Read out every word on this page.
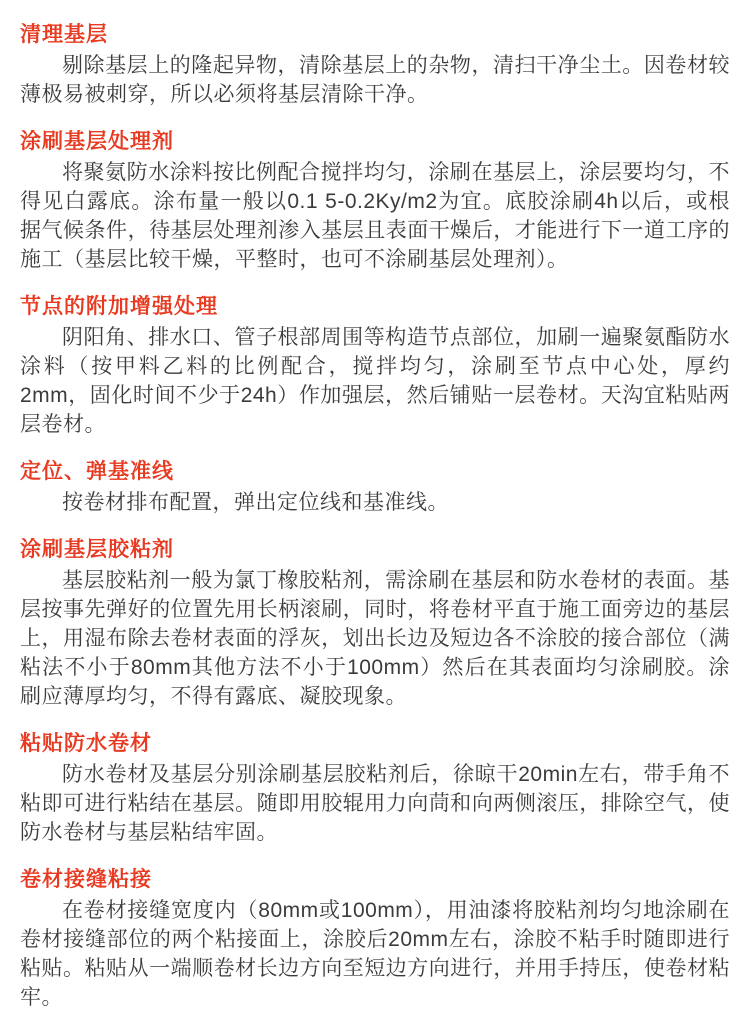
清理基层

剔除基层上的隆起异物，清除基层上的杂物，清扫干净尘土。因卷材较薄极易被刺穿，所以必须将基层清除干净。

涂刷基层处理剂

将聚氨防水涂料按比例配合搅拌均匀，涂刷在基层上，涂层要均匀，不得见白露底。涂布量一般以0.1 5-0.2Ky/m2为宜。底胶涂刷4h以后，或根据气候条件，待基层处理剂渗入基层且表面干燥后，才能进行下一道工序的施工（基层比较干燥，平整时，也可不涂刷基层处理剂）。

节点的附加增强处理

阴阳角、排水口、管子根部周围等构造节点部位，加刷一遍聚氨酯防水涂料（按甲料乙料的比例配合，搅拌均匀，涂刷至节点中心处，厚约2mm，固化时间不少于24h）作加强层，然后铺贴一层卷材。天沟宜粘贴两层卷材。

定位、弹基准线

按卷材排布配置，弹出定位线和基准线。

涂刷基层胶粘剂

基层胶粘剂一般为氯丁橡胶粘剂，需涂刷在基层和防水卷材的表面。基层按事先弹好的位置先用长柄滚刷，同时，将卷材平直于施工面旁边的基层上，用湿布除去卷材表面的浮灰，划出长边及短边各不涂胶的接合部位（满粘法不小于80mm其他方法不小于100mm）然后在其表面均匀涂刷胶。涂刷应薄厚均匀，不得有露底、凝胶现象。

粘贴防水卷材

防水卷材及基层分别涂刷基层胶粘剂后，徐晾干20min左右，带手角不粘即可进行粘结在基层。随即用胶辊用力向茼和向两侧滚压，排除空气，使防水卷材与基层粘结牢固。

卷材接缝粘接

在卷材接缝宽度内（80mm或100mm），用油漆将胶粘剂均匀地涂刷在卷材接缝部位的两个粘接面上，涂胶后20mm左右，涂胶不粘手时随即进行粘贴。粘贴从一端顺卷材长边方向至短边方向进行，并用手持压，使卷材粘牢。
